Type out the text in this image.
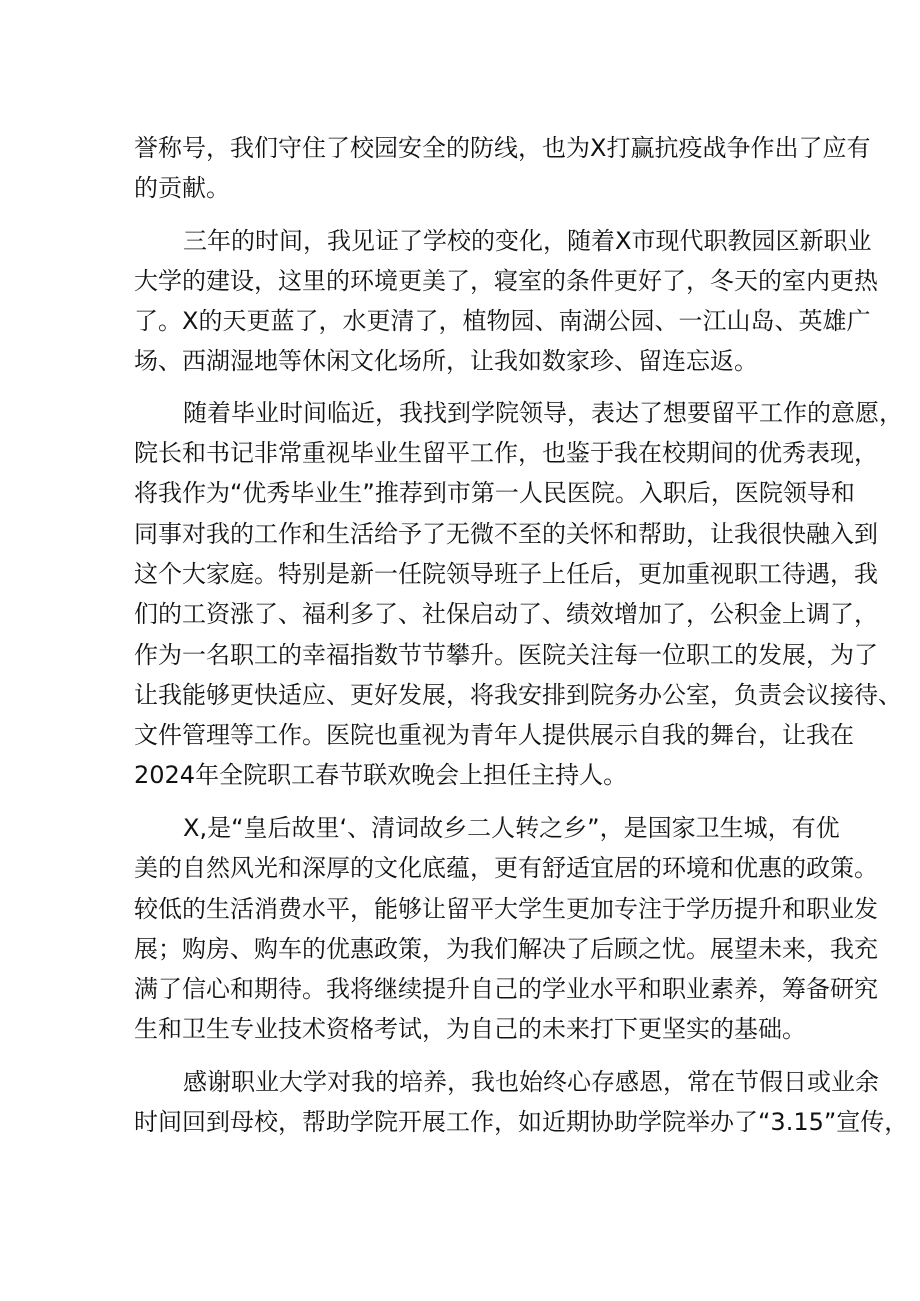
誉称号，我们守住了校园安全的防线，也为X打赢抗疫战争作出了应有

的贡献。

三年的时间，我见证了学校的变化，随着X市现代职教园区新职业

大学的建设，这里的环境更美了，寝室的条件更好了，冬天的室内更热

了。X的天更蓝了，水更清了，植物园、南湖公园、一江山岛、英雄广

场、西湖湿地等休闲文化场所，让我如数家珍、留连忘返。

随着毕业时间临近，我找到学院领导，表达了想要留平工作的意愿，

院长和书记非常重视毕业生留平工作，也鉴于我在校期间的优秀表现，

将我作为“优秀毕业生”推荐到市第一人民医院。入职后，医院领导和

同事对我的工作和生活给予了无微不至的关怀和帮助，让我很快融入到

这个大家庭。特别是新一任院领导班子上任后，更加重视职工待遇，我

们的工资涨了、福利多了、社保启动了、绩效增加了，公积金上调了，

作为一名职工的幸福指数节节攀升。医院关注每一位职工的发展，为了

让我能够更快适应、更好发展，将我安排到院务办公室，负责会议接待、

文件管理等工作。医院也重视为青年人提供展示自我的舞台，让我在

2024年全院职工春节联欢晚会上担任主持人。

X,是“皇后故里‘、清词故乡二人转之乡”，是国家卫生城，有优

美的自然风光和深厚的文化底蕴，更有舒适宜居的环境和优惠的政策。

较低的生活消费水平，能够让留平大学生更加专注于学历提升和职业发

展；购房、购车的优惠政策，为我们解决了后顾之忧。展望未来，我充

满了信心和期待。我将继续提升自己的学业水平和职业素养，筹备研究

生和卫生专业技术资格考试，为自己的未来打下更坚实的基础。

感谢职业大学对我的培养，我也始终心存感恩，常在节假日或业余

时间回到母校，帮助学院开展工作，如近期协助学院举办了“3.15”宣传，
